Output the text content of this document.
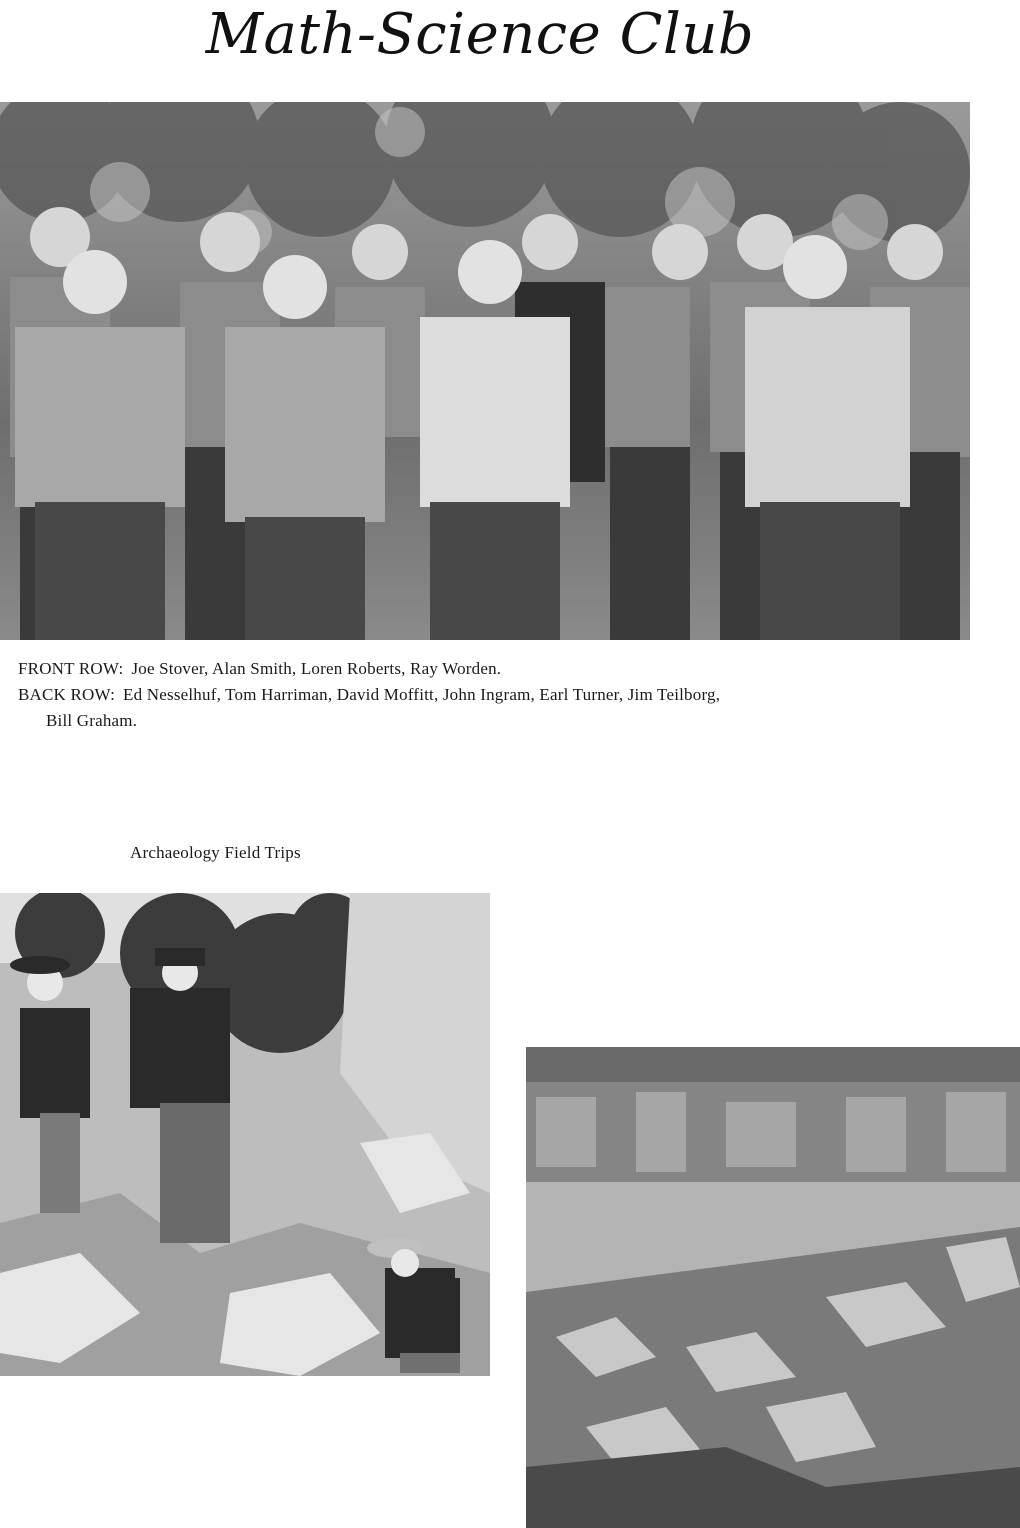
Math-Science Club
FRONT ROW: Joe Stover, Alan Smith, Loren Roberts, Ray Worden.
BACK ROW: Ed Nesselhuf, Tom Harriman, David Moffitt, John Ingram, Earl Turner, Jim Teilborg,
Bill Graham.
Archaeology Field Trips
